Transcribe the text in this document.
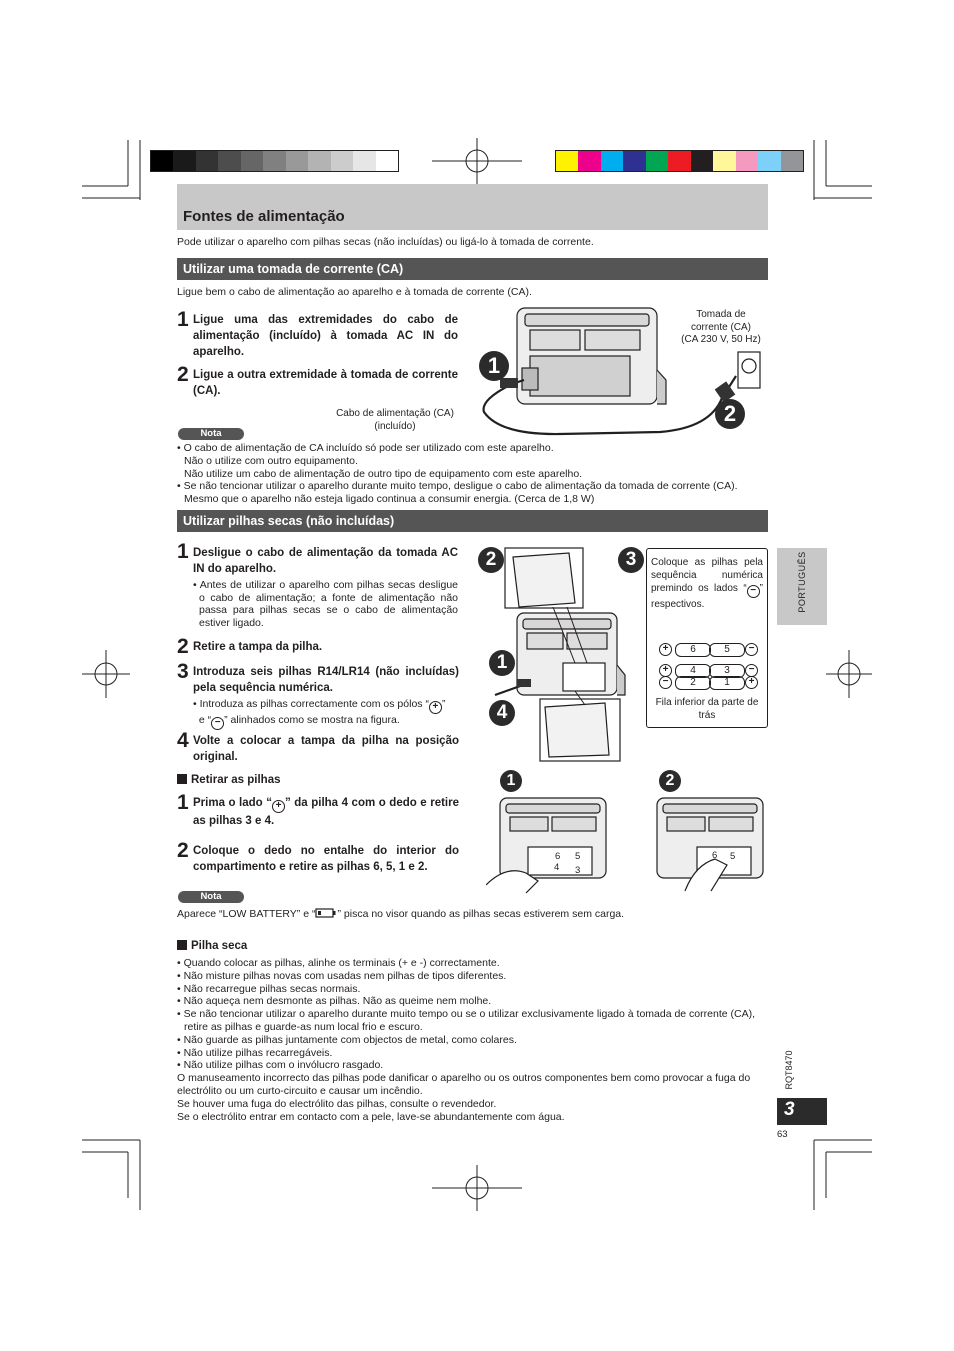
Fontes de alimentação
Pode utilizar o aparelho com pilhas secas (não incluídas) ou ligá-lo à tomada de corrente.
Utilizar uma tomada de corrente (CA)
Ligue bem o cabo de alimentação ao aparelho e à tomada de corrente (CA).
1 Ligue uma das extremidades do cabo de alimentação (incluído) à tomada AC IN do aparelho.
2 Ligue a outra extremidade à tomada de corrente (CA).
1
2
Tomada de
corrente (CA)
(CA 230 V, 50 Hz)
Cabo de alimentação (CA)
(incluído)
Nota
• O cabo de alimentação de CA incluído só pode ser utilizado com este aparelho.
Não o utilize com outro equipamento.
Não utilize um cabo de alimentação de outro tipo de equipamento com este aparelho.
• Se não tencionar utilizar o aparelho durante muito tempo, desligue o cabo de alimentação da tomada de corrente (CA).
Mesmo que o aparelho não esteja ligado continua a consumir energia. (Cerca de 1,8 W)
Utilizar pilhas secas (não incluídas)
1 Desligue o cabo de alimentação da tomada AC IN do aparelho.
• Antes de utilizar o aparelho com pilhas secas desligue o cabo de alimentação; a fonte de alimentação não passa para pilhas secas se o cabo de alimentação estiver ligado.
2 Retire a tampa da pilha.
3 Introduza seis pilhas R14/LR14 (não incluídas) pela sequência numérica.
• Introduza as pilhas correctamente com os pólos “ + ”
e “ − ” alinhados como se mostra na figura.
4 Volte a colocar a tampa da pilha na posição original.
2	3
1
4
Coloque as pilhas pela sequência numérica premindo os lados “ − ” respectivos.
+	6	5	−
+	4	3	−
−	2	1	+
Fila inferior da parte de trás
Retirar as pilhas
1 Prima o lado “ + ” da pilha 4 com o dedo e retire as pilhas 3 e 4.
2 Coloque o dedo no entalhe do interior do compartimento e retire as pilhas 6, 5, 1 e 2.
6 5
4 3
6 5
1	2
Nota
Aparece “LOW BATTERY” e “ ” pisca no visor quando as pilhas secas estiverem sem carga.
Pilha seca
• Quando colocar as pilhas, alinhe os terminais (+ e -) correctamente.
• Não misture pilhas novas com usadas nem pilhas de tipos diferentes.
• Não recarregue pilhas secas normais.
• Não aqueça nem desmonte as pilhas. Não as queime nem molhe.
• Se não tencionar utilizar o aparelho durante muito tempo ou se o utilizar exclusivamente ligado à tomada de corrente (CA), retire as pilhas e guarde-as num local frio e escuro.
• Não guarde as pilhas juntamente com objectos de metal, como colares.
• Não utilize pilhas recarregáveis.
• Não utilize pilhas com o invólucro rasgado.
O manuseamento incorrecto das pilhas pode danificar o aparelho ou os outros componentes bem como provocar a fuga do electrólito ou um curto-circuito e causar um incêndio.
Se houver uma fuga do electrólito das pilhas, consulte o revendedor.
Se o electrólito entrar em contacto com a pele, lave-se abundantemente com água.
PORTUGUÊS
RQT8470
3
63
